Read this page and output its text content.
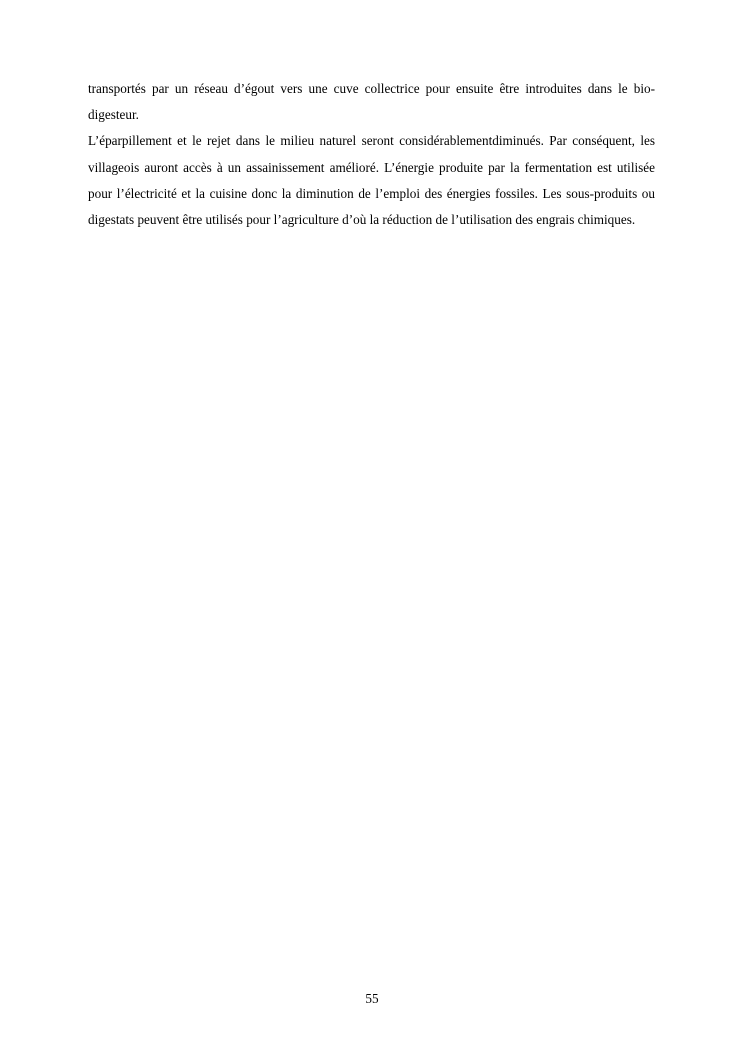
transportés par un réseau d’égout vers une cuve collectrice pour ensuite être introduites dans le bio-digesteur.

L’éparpillement et le rejet dans le milieu naturel seront considérablementdiminués. Par conséquent, les villageois auront accès à un assainissement amélioré. L’énergie produite par la fermentation est utilisée pour l’électricité et la cuisine donc la diminution de l’emploi des énergies fossiles. Les sous-produits ou digestats peuvent être utilisés pour l’agriculture d’où la réduction de l’utilisation des engrais chimiques.

55
